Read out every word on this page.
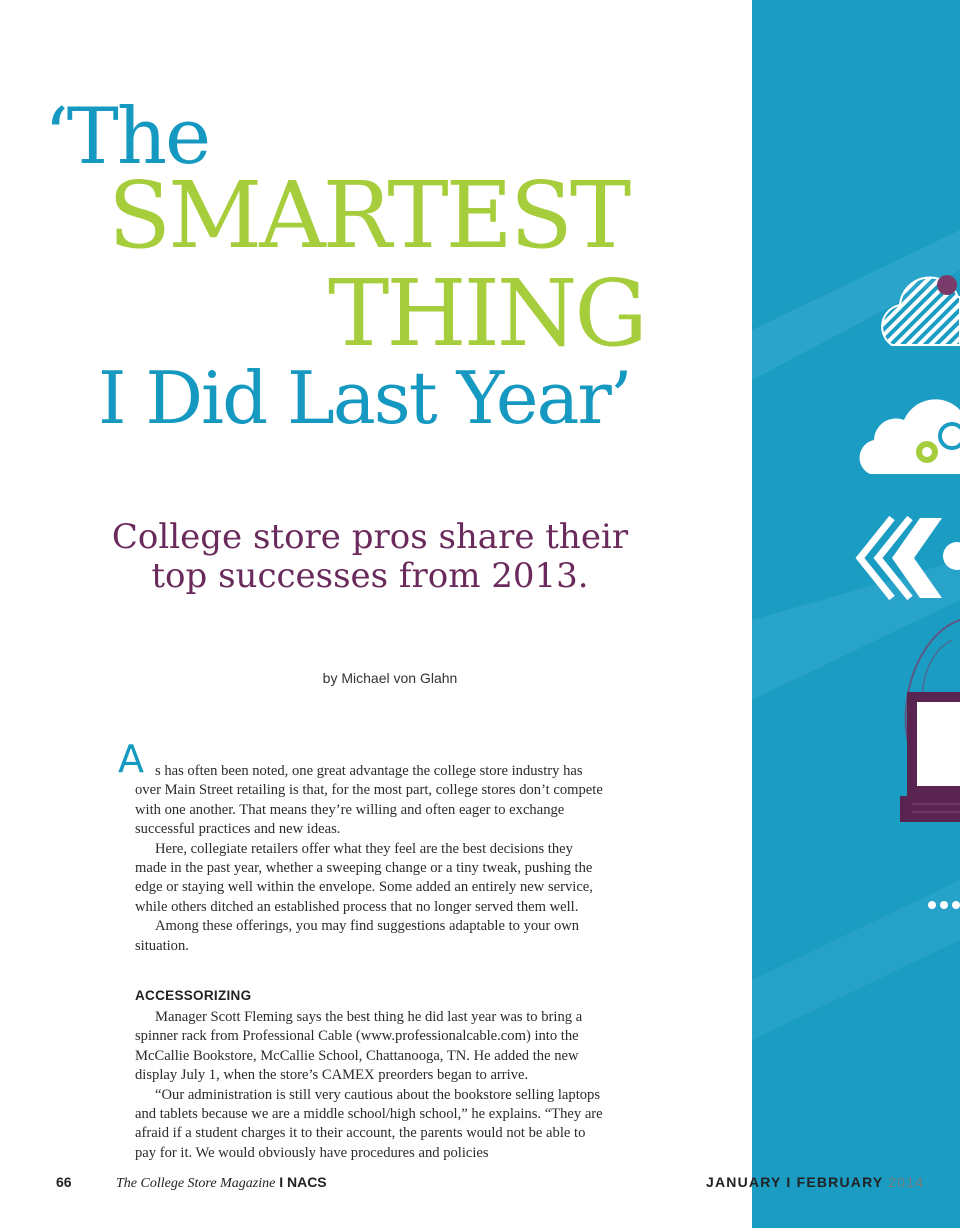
‘The
SMARTEST
THING
I Did Last Year’
College store pros share their
top successes from 2013.
by Michael von Glahn
A s has often been noted, one great advantage the college store industry has over Main Street retailing is that, for the most part, college stores don’t compete with one another. That means they’re willing and often eager to exchange successful practices and new ideas.

Here, collegiate retailers offer what they feel are the best decisions they made in the past year, whether a sweeping change or a tiny tweak, pushing the edge or staying well within the envelope. Some added an entirely new service, while others ditched an established process that no longer served them well.

Among these offerings, you may find suggestions adaptable to your own situation.

ACCESSORIZING

Manager Scott Fleming says the best thing he did last year was to bring a spinner rack from Professional Cable (www.professionalcable.com) into the McCallie Bookstore, McCallie School, Chattanooga, TN. He added the new display July 1, when the store’s CAMEX preorders began to arrive.

“Our administration is still very cautious about the bookstore selling laptops and tablets because we are a middle school/high school,” he explains. “They are afraid if a student charges it to their account, the parents would not be able to pay for it. We would obviously have procedures and policies

66	The College Store Magazine I NACS	JANUARY I FEBRUARY 2014
